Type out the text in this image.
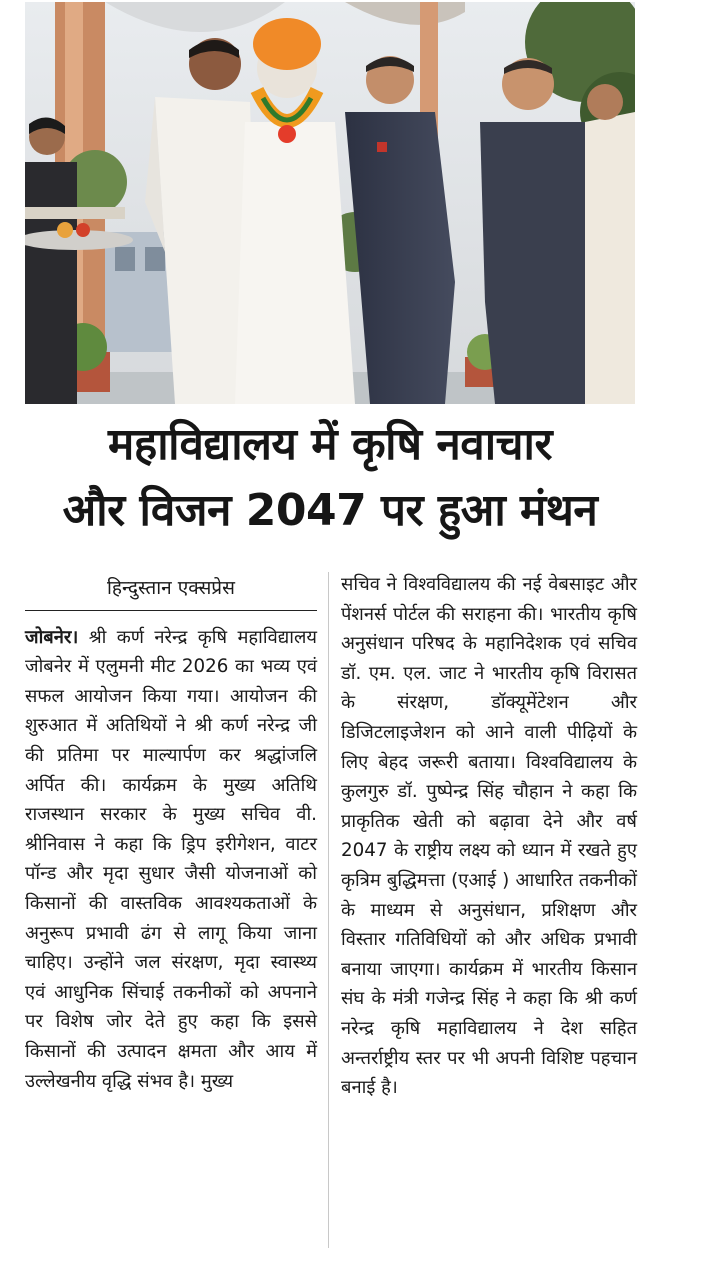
महाविद्यालय में कृषि नवाचार
और विजन 2047 पर हुआ मंथन
हिन्दुस्तान एक्सप्रेस
जोबनेर। श्री कर्ण नरेन्द्र कृषि महाविद्यालय जोबनेर में एलुमनी मीट 2026 का भव्य एवं सफल आयोजन किया गया। आयोजन की शुरुआत में अतिथियों ने श्री कर्ण नरेन्द्र जी की प्रतिमा पर माल्यार्पण कर श्रद्धांजलि अर्पित की। कार्यक्रम के मुख्य अतिथि राजस्थान सरकार के मुख्य सचिव वी. श्रीनिवास ने कहा कि ड्रिप इरीगेशन, वाटर पॉन्ड और मृदा सुधार जैसी योजनाओं को किसानों की वास्तविक आवश्यकताओं के अनुरूप प्रभावी ढंग से लागू किया जाना चाहिए। उन्होंने जल संरक्षण, मृदा स्वास्थ्य एवं आधुनिक सिंचाई तकनीकों को अपनाने पर विशेष जोर देते हुए कहा कि इससे किसानों की उत्पादन क्षमता और आय में उल्लेखनीय वृद्धि संभव है। मुख्य
सचिव ने विश्वविद्यालय की नई वेबसाइट और पेंशनर्स पोर्टल की सराहना की। भारतीय कृषि अनुसंधान परिषद के महानिदेशक एवं सचिव डॉ. एम. एल. जाट ने भारतीय कृषि विरासत के संरक्षण, डॉक्यूमेंटेशन और डिजिटलाइजेशन को आने वाली पीढ़ियों के लिए बेहद जरूरी बताया। विश्वविद्यालय के कुलगुरु डॉ. पुष्पेन्द्र सिंह चौहान ने कहा कि प्राकृतिक खेती को बढ़ावा देने और वर्ष 2047 के राष्ट्रीय लक्ष्य को ध्यान में रखते हुए कृत्रिम बुद्धिमत्ता (एआई ) आधारित तकनीकों के माध्यम से अनुसंधान, प्रशिक्षण और विस्तार गतिविधियों को और अधिक प्रभावी बनाया जाएगा। कार्यक्रम में भारतीय किसान संघ के मंत्री गजेन्द्र सिंह ने कहा कि श्री कर्ण नरेन्द्र कृषि महाविद्यालय ने देश सहित अन्तर्राष्ट्रीय स्तर पर भी अपनी विशिष्ट पहचान बनाई है।
